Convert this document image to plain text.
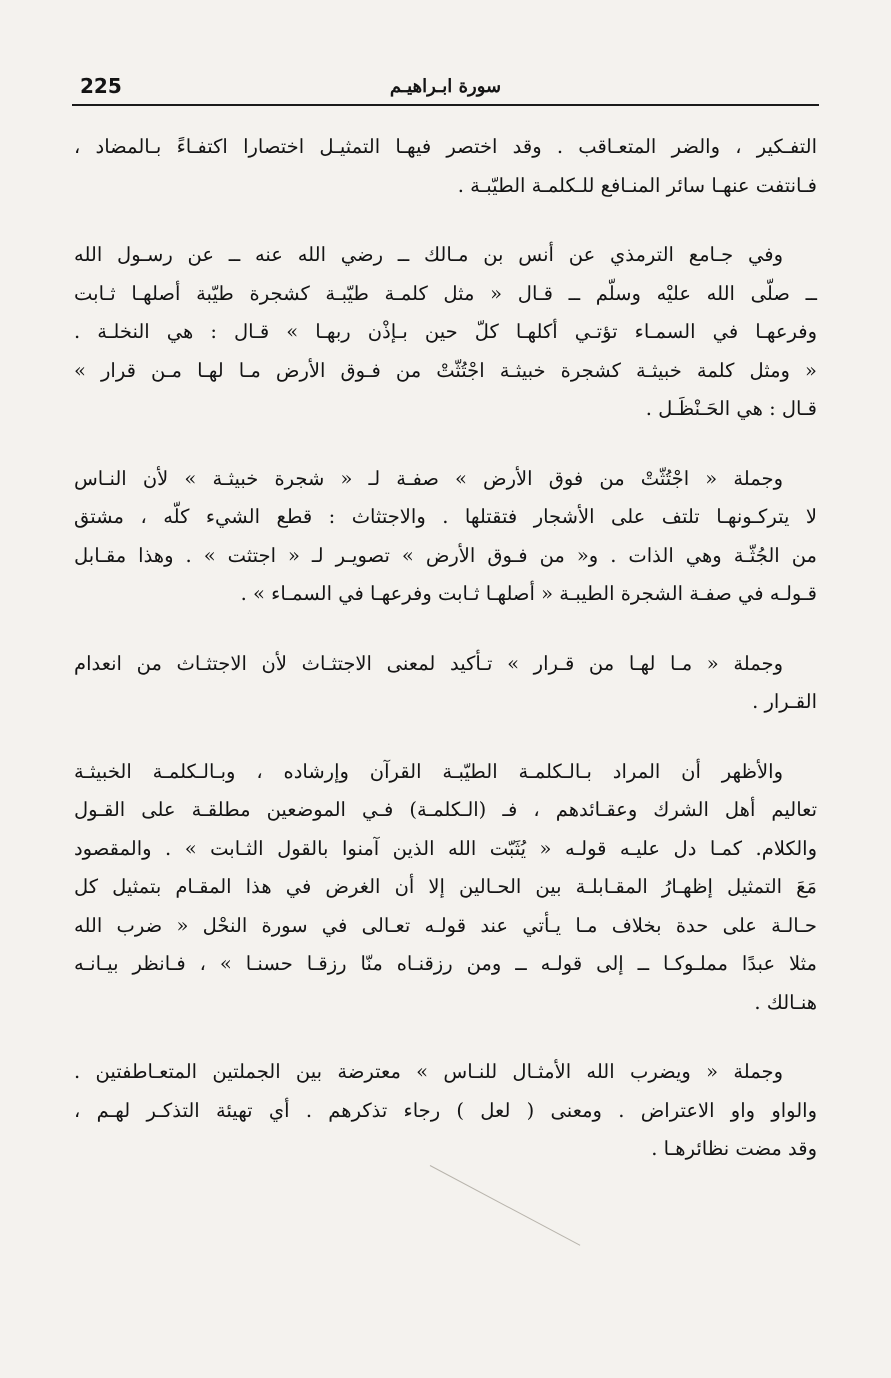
225	سورة ابـراهيـم
التفـكير ، والضر المتعـاقب . وقد اختصر فيهـا التمثيـل اختصارا اكتفـاءً بـالمضاد ،
فـانتفت عنهـا سائر المنـافع للـكلمـة الطيّبـة .
وفي جـامع الترمذي عن أنس بن مـالك ــ رضي الله عنه ــ عن رسـول الله
ــ صلّى الله عليْه وسلّم ــ قـال « مثل كلمـة طيّبـة كشجرة طيّبة أصلهـا ثـابت
وفرعهـا في السمـاء تؤتـي أكلهـا كلّ حين بـإذْن ربهـا » قـال : هي النخلـة .
« ومثل كلمة خبيثـة كشجرة خبيثـة اجْتُثّتْ من فـوق الأرض مـا لهـا مـن قرار »
قـال : هي الحَـنْظَـل .
وجملة « اجْتُثّتْ من فوق الأرض » صفـة لـ « شجرة خبيثـة » لأن النـاس
لا يتركـونهـا تلتف على الأشجار فتقتلها . والاجتثاث : قطع الشيء كلّه ، مشتق
من الجُثّـة وهي الذات . و« من فـوق الأرض » تصويـر لـ « اجتثت » . وهذا مقـابل
قـولـه في صفـة الشجرة الطيبـة « أصلهـا ثـابت وفرعهـا في السمـاء » .
وجملة « مـا لهـا من قـرار » تـأكيد لمعنى الاجتثـاث لأن الاجتثـاث من انعدام
القـرار .
والأظهر أن المراد بـالـكلمـة الطيّبـة القرآن وإرشاده ، وبـالـكلمـة الخبيثـة
تعاليم أهل الشرك وعقـائدهم ، فـ (الـكلمـة) فـي الموضعين مطلقـة على القـول
والكلام. كمـا دل عليـه قولـه « يُثَبّت الله الذين آمنوا بالقول الثـابت » . والمقصود
مَعَ التمثيل إظهـارُ المقـابلـة بين الحـالين إلا أن الغرض في هذا المقـام بتمثيل كل
حـالـة على حدة بخلاف مـا يـأتي عند قولـه تعـالى في سورة النحْل « ضرب الله
مثلا عبدًا مملـوكـا ــ إلى قولـه ــ ومن رزقنـاه منّا رزقـا حسنـا » ، فـانظر بيـانـه
هنـالك .
وجملة « ويضرب الله الأمثـال للنـاس » معترضة بين الجملتين المتعـاطفتين .
والواو واو الاعتراض . ومعنى ( لعل ) رجاء تذكرهم . أي تهيئة التذكـر لهـم ،
وقد مضت نظائرهـا .
